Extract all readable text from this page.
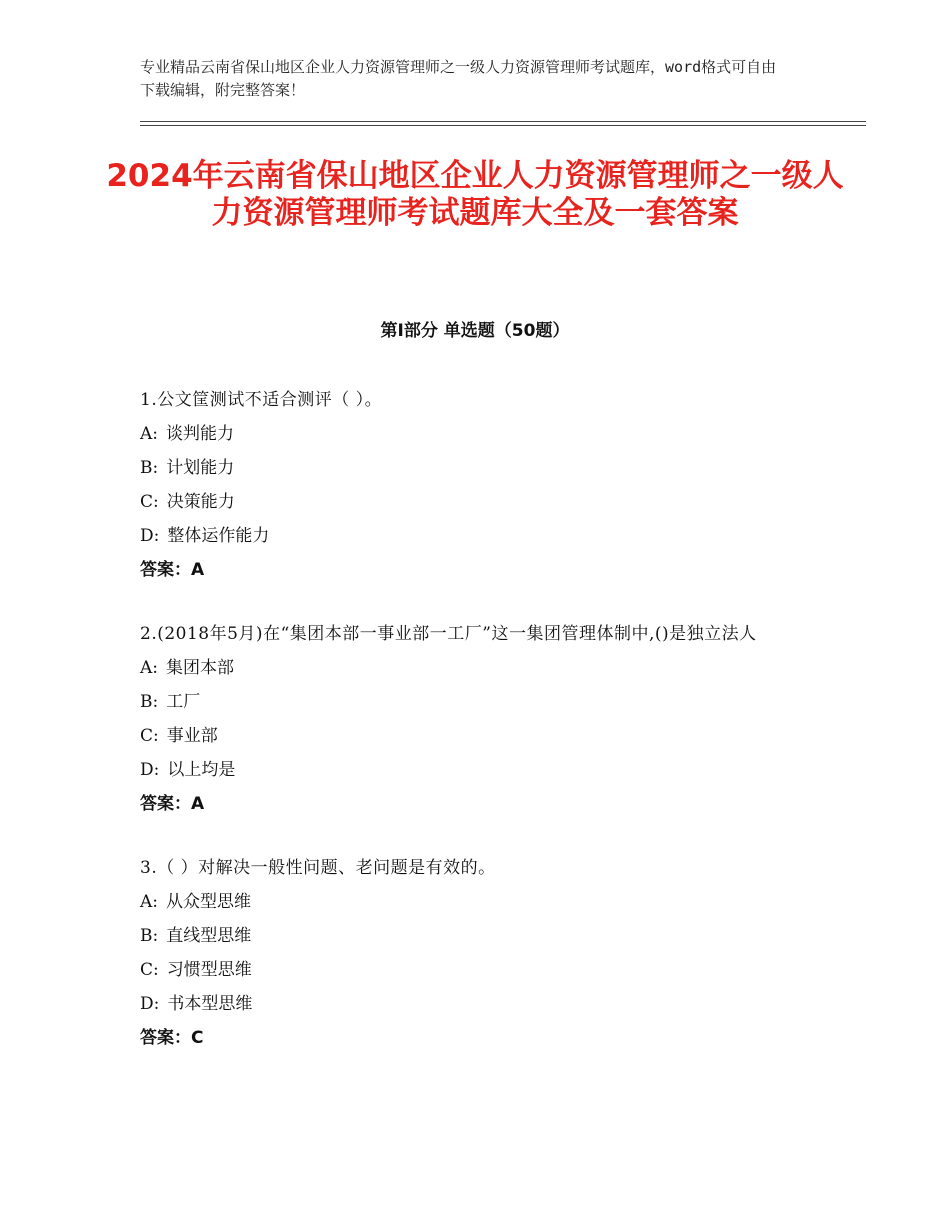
专业精品云南省保山地区企业人力资源管理师之一级人力资源管理师考试题库，word格式可自由下载编辑，附完整答案！
2024年云南省保山地区企业人力资源管理师之一级人力资源管理师考试题库大全及一套答案
第Ⅰ部分 单选题（50题）

1.公文筐测试不适合测评（ ）。

A: 谈判能力

B: 计划能力

C: 决策能力

D: 整体运作能力

答案：A

2.(2018年5月)在“集团本部一事业部一工厂”这一集团管理体制中,()是独立法人

A: 集团本部

B: 工厂

C: 事业部

D: 以上均是

答案：A

3.（ ）对解决一般性问题、老问题是有效的。

A: 从众型思维

B: 直线型思维

C: 习惯型思维

D: 书本型思维

答案：C
